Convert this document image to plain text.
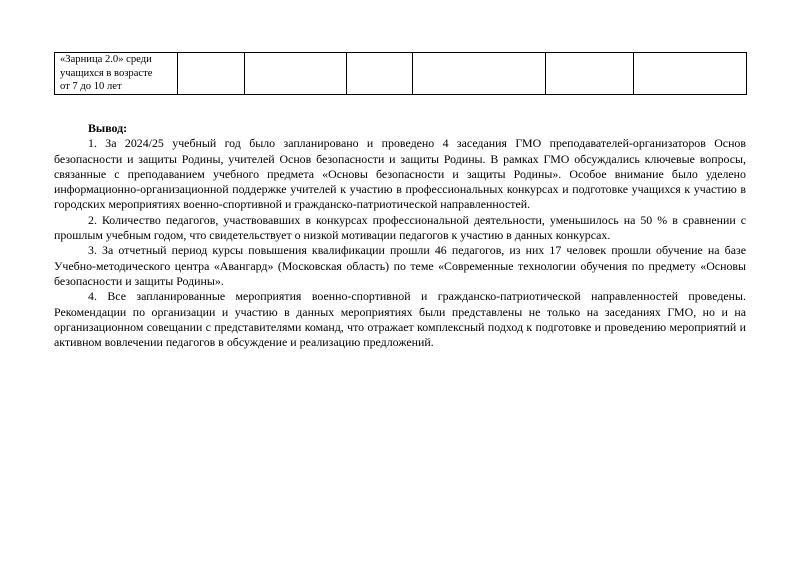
«Зарница 2.0» среди
учащихся в возрасте
от 7 до 10 лет

Вывод:

1. За 2024/25 учебный год было запланировано и проведено 4 заседания ГМО преподавателей-организаторов Основ безопасности и защиты Родины, учителей Основ безопасности и защиты Родины. В рамках ГМО обсуждались ключевые вопросы, связанные с преподаванием учебного предмета «Основы безопасности и защиты Родины». Особое внимание было уделено информационно-организационной поддержке учителей к участию в профессиональных конкурсах и подготовке учащихся к участию в городских мероприятиях военно-спортивной и гражданско-патриотической направленностей.

2. Количество педагогов, участвовавших в конкурсах профессиональной деятельности, уменьшилось на 50 % в сравнении с прошлым учебным годом, что свидетельствует о низкой мотивации педагогов к участию в данных конкурсах.

3. За отчетный период курсы повышения квалификации прошли 46 педагогов, из них 17 человек прошли обучение на базе Учебно-методического центра «Авангард» (Московская область) по теме «Современные технологии обучения по предмету «Основы безопасности и защиты Родины».

4. Все запланированные мероприятия военно-спортивной и гражданско-патриотической направленностей проведены. Рекомендации по организации и участию в данных мероприятиях были представлены не только на заседаниях ГМО, но и на организационном совещании с представителями команд, что отражает комплексный подход к подготовке и проведению мероприятий и активном вовлечении педагогов в обсуждение и реализацию предложений.
